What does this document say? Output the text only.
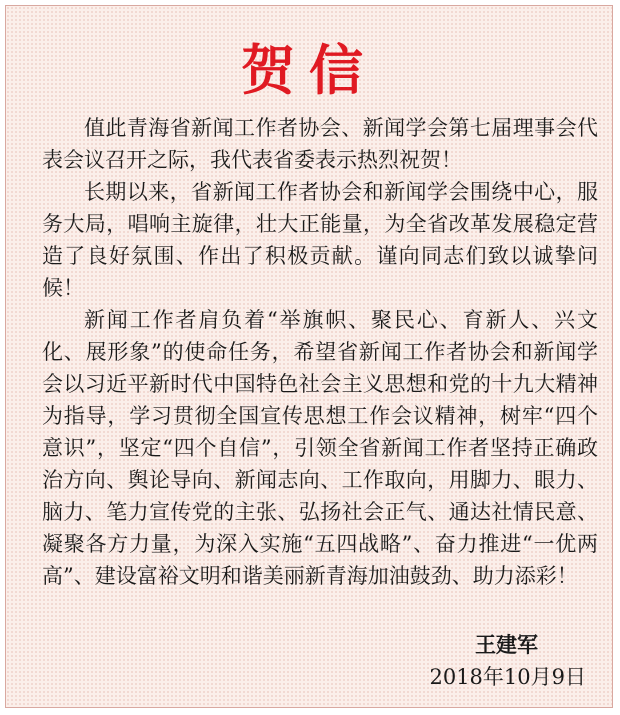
贺信

值此青海省新闻工作者协会、新闻学会第七届理事会代表会议召开之际，我代表省委表示热烈祝贺！

长期以来，省新闻工作者协会和新闻学会围绕中心，服务大局，唱响主旋律，壮大正能量，为全省改革发展稳定营造了良好氛围、作出了积极贡献。谨向同志们致以诚挚问候！

新闻工作者肩负着“举旗帜、聚民心、育新人、兴文化、展形象”的使命任务，希望省新闻工作者协会和新闻学会以习近平新时代中国特色社会主义思想和党的十九大精神为指导，学习贯彻全国宣传思想工作会议精神，树牢“四个意识”，坚定“四个自信”，引领全省新闻工作者坚持正确政治方向、舆论导向、新闻志向、工作取向，用脚力、眼力、脑力、笔力宣传党的主张、弘扬社会正气、通达社情民意、凝聚各方力量，为深入实施“五四战略”、奋力推进“一优两高”、建设富裕文明和谐美丽新青海加油鼓劲、助力添彩！

王建军
2018年10月9日
